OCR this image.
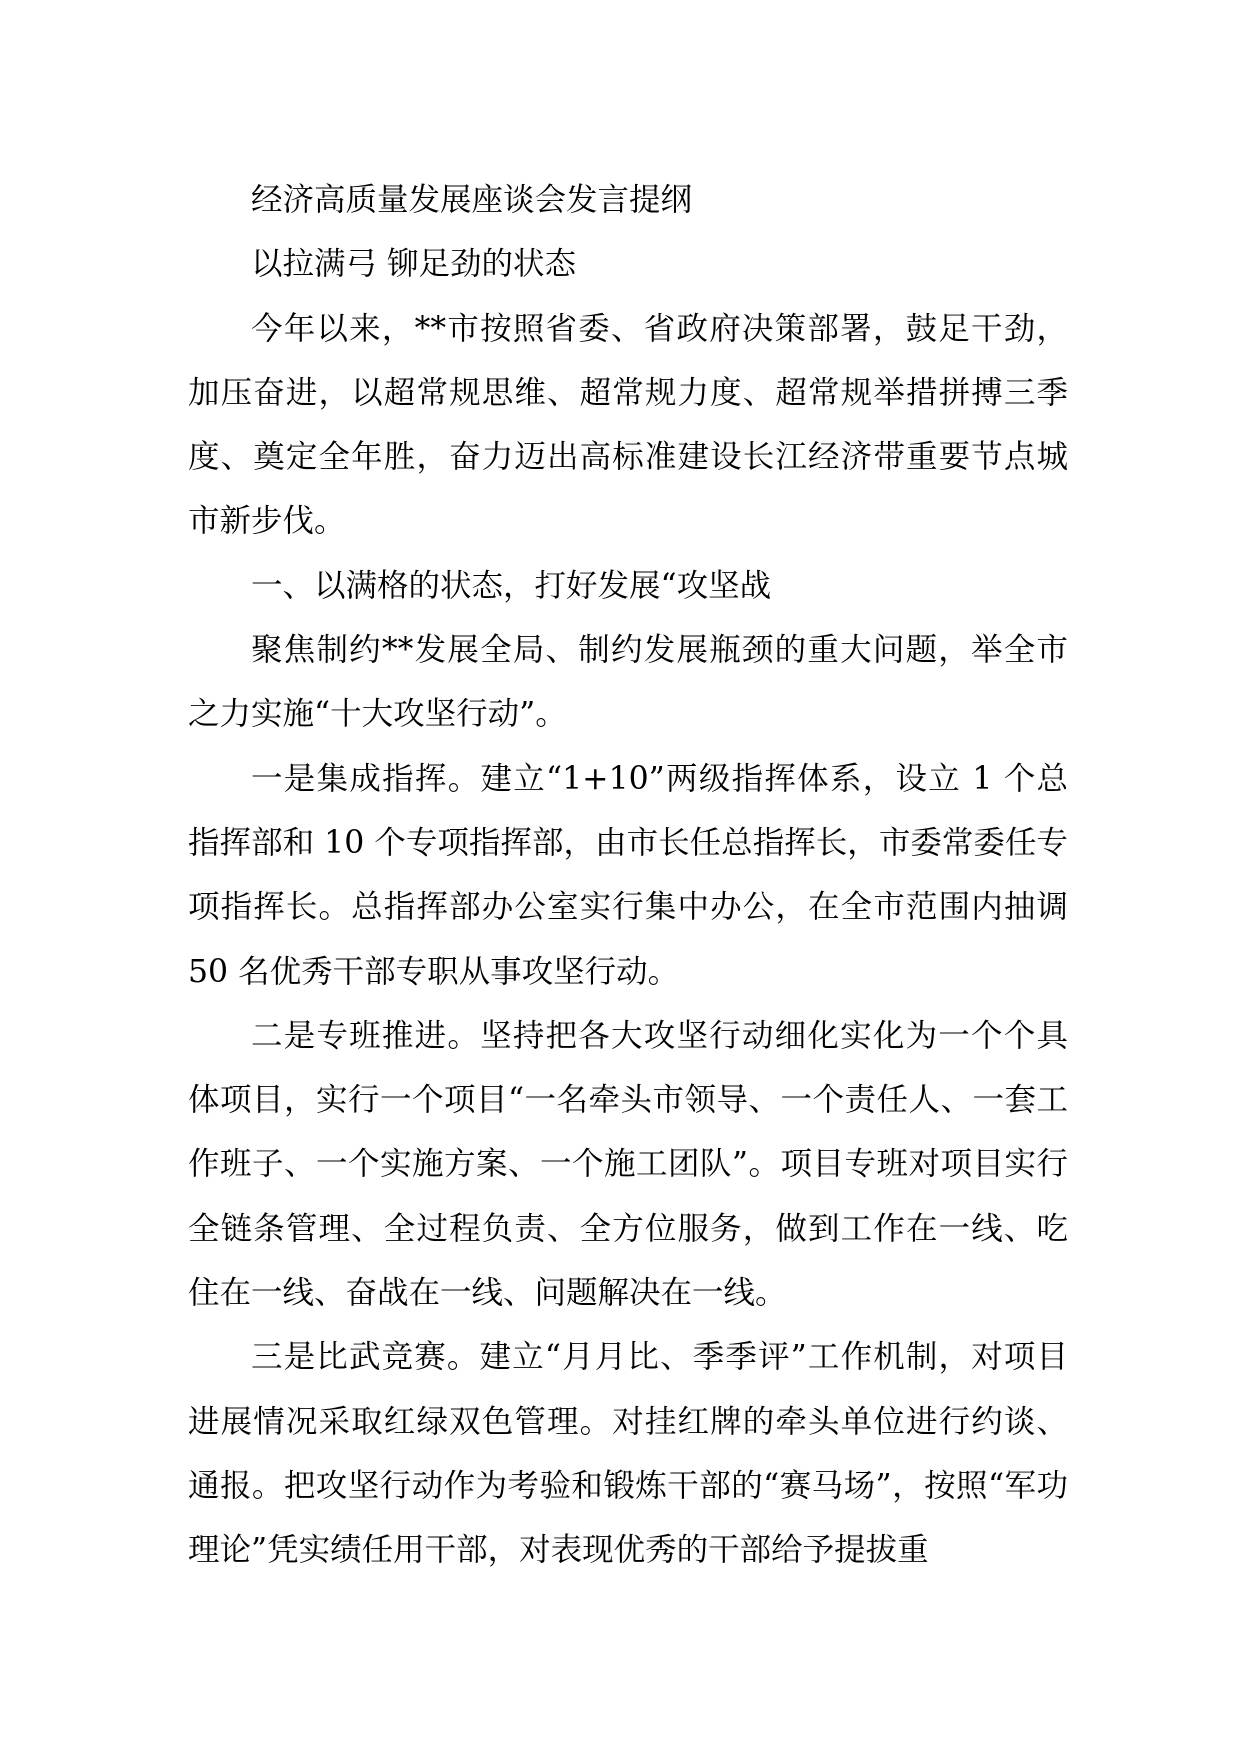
经济高质量发展座谈会发言提纲

以拉满弓 铆足劲的状态

今年以来，**市按照省委、省政府决策部署，鼓足干劲，加压奋进，以超常规思维、超常规力度、超常规举措拼搏三季度、奠定全年胜，奋力迈出高标准建设长江经济带重要节点城市新步伐。

一、以满格的状态，打好发展“攻坚战

聚焦制约**发展全局、制约发展瓶颈的重大问题，举全市之力实施“十大攻坚行动”。

一是集成指挥。建立“1+10”两级指挥体系，设立 1 个总指挥部和 10 个专项指挥部，由市长任总指挥长，市委常委任专项指挥长。总指挥部办公室实行集中办公，在全市范围内抽调 50 名优秀干部专职从事攻坚行动。

二是专班推进。坚持把各大攻坚行动细化实化为一个个具体项目，实行一个项目“一名牵头市领导、一个责任人、一套工作班子、一个实施方案、一个施工团队”。项目专班对项目实行全链条管理、全过程负责、全方位服务，做到工作在一线、吃住在一线、奋战在一线、问题解决在一线。

三是比武竞赛。建立“月月比、季季评”工作机制，对项目进展情况采取红绿双色管理。对挂红牌的牵头单位进行约谈、通报。把攻坚行动作为考验和锻炼干部的“赛马场”，按照“军功理论”凭实绩任用干部，对表现优秀的干部给予提拔重
